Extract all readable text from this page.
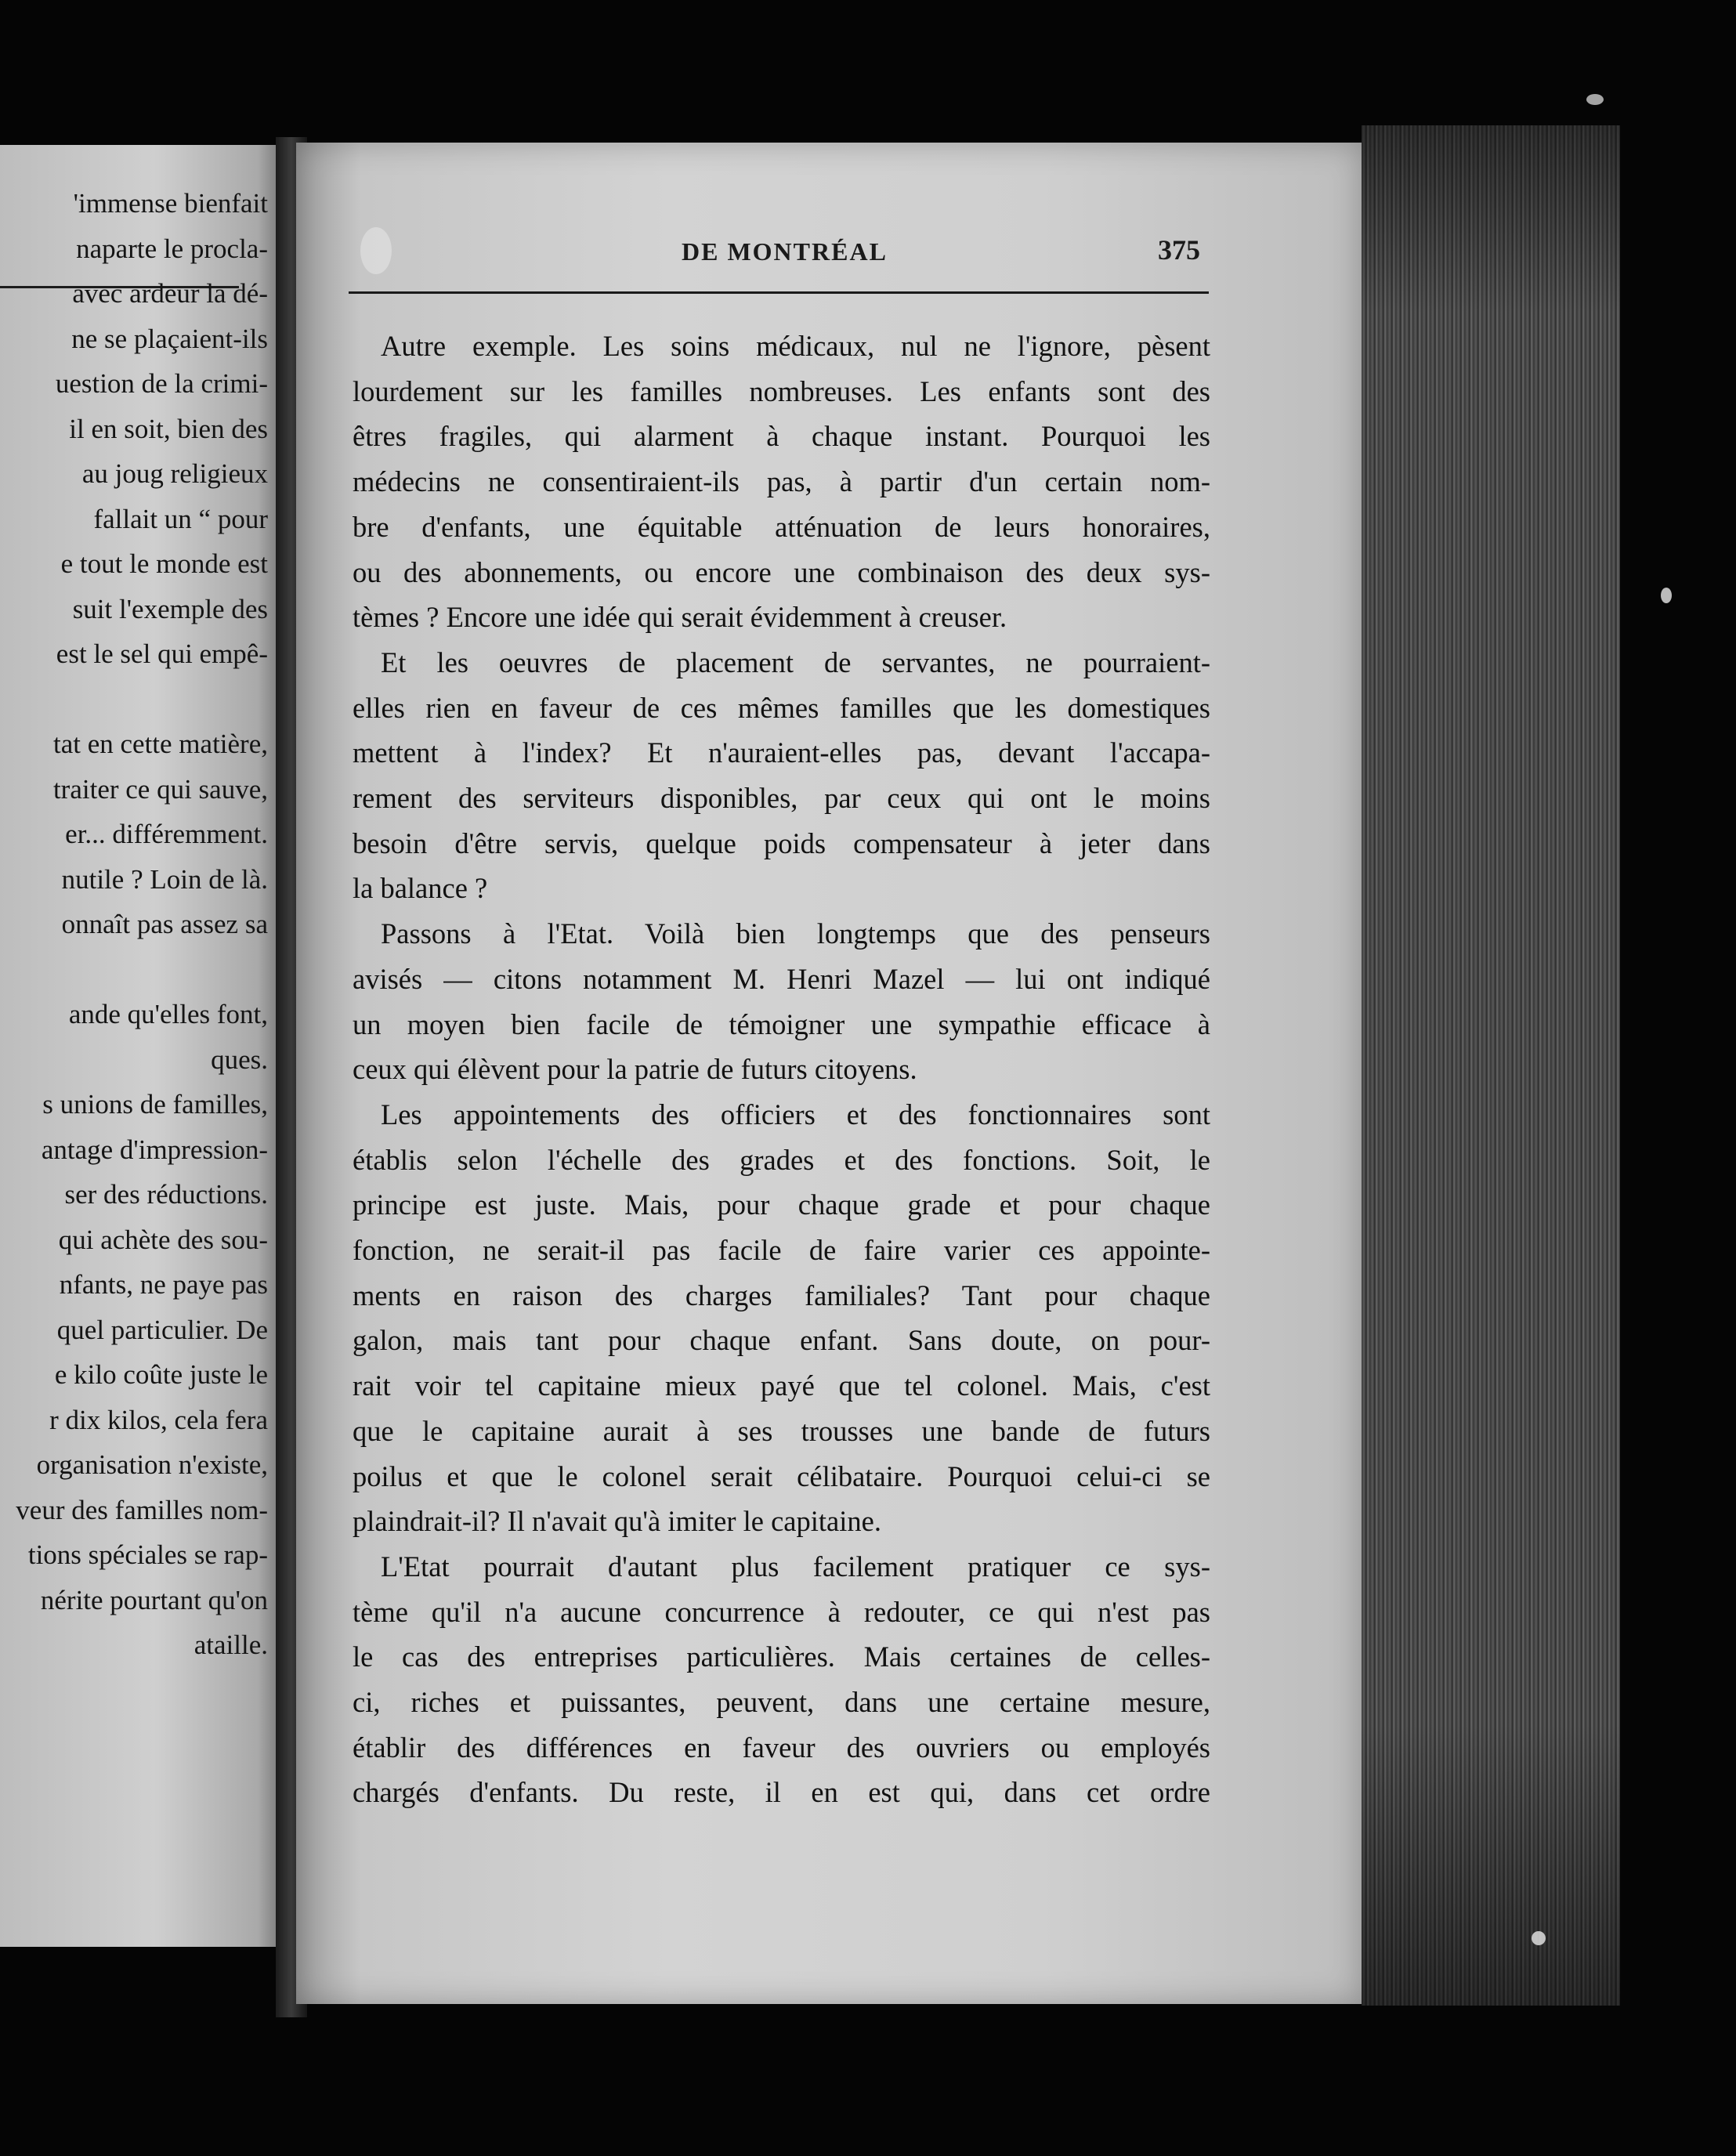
'immense bienfait
naparte le procla-
avec ardeur la dé-
ne se plaçaient-ils
uestion de la crimi-
il en soit, bien des
au joug religieux
fallait un “ pour
e tout le monde est
suit l'exemple des
est le sel qui empê-
tat en cette matière,
traiter ce qui sauve,
er... différemment.
nutile ? Loin de là.
onnaît pas assez sa
ande qu'elles font,
ques.
s unions de familles,
antage d'impression-
ser des réductions.
qui achète des sou-
nfants, ne paye pas
quel particulier. De
e kilo coûte juste le
r dix kilos, cela fera
organisation n'existe,
veur des familles nom-
tions spéciales se rap-
nérite pourtant qu'on
ataille.
DE MONTRÉAL	375
Autre exemple. Les soins médicaux, nul ne l'ignore, pèsent
lourdement sur les familles nombreuses. Les enfants sont des
êtres fragiles, qui alarment à chaque instant. Pourquoi les
médecins ne consentiraient-ils pas, à partir d'un certain nom-
bre d'enfants, une équitable atténuation de leurs honoraires,
ou des abonnements, ou encore une combinaison des deux sys-
tèmes ? Encore une idée qui serait évidemment à creuser.
Et les oeuvres de placement de servantes, ne pourraient-
elles rien en faveur de ces mêmes familles que les domestiques
mettent à l'index? Et n'auraient-elles pas, devant l'accapa-
rement des serviteurs disponibles, par ceux qui ont le moins
besoin d'être servis, quelque poids compensateur à jeter dans
la balance ?
Passons à l'Etat. Voilà bien longtemps que des penseurs
avisés — citons notamment M. Henri Mazel — lui ont indiqué
un moyen bien facile de témoigner une sympathie efficace à
ceux qui élèvent pour la patrie de futurs citoyens.
Les appointements des officiers et des fonctionnaires sont
établis selon l'échelle des grades et des fonctions. Soit, le
principe est juste. Mais, pour chaque grade et pour chaque
fonction, ne serait-il pas facile de faire varier ces appointe-
ments en raison des charges familiales? Tant pour chaque
galon, mais tant pour chaque enfant. Sans doute, on pour-
rait voir tel capitaine mieux payé que tel colonel. Mais, c'est
que le capitaine aurait à ses trousses une bande de futurs
poilus et que le colonel serait célibataire. Pourquoi celui-ci se
plaindrait-il? Il n'avait qu'à imiter le capitaine.
L'Etat pourrait d'autant plus facilement pratiquer ce sys-
tème qu'il n'a aucune concurrence à redouter, ce qui n'est pas
le cas des entreprises particulières. Mais certaines de celles-
ci, riches et puissantes, peuvent, dans une certaine mesure,
établir des différences en faveur des ouvriers ou employés
chargés d'enfants. Du reste, il en est qui, dans cet ordre
